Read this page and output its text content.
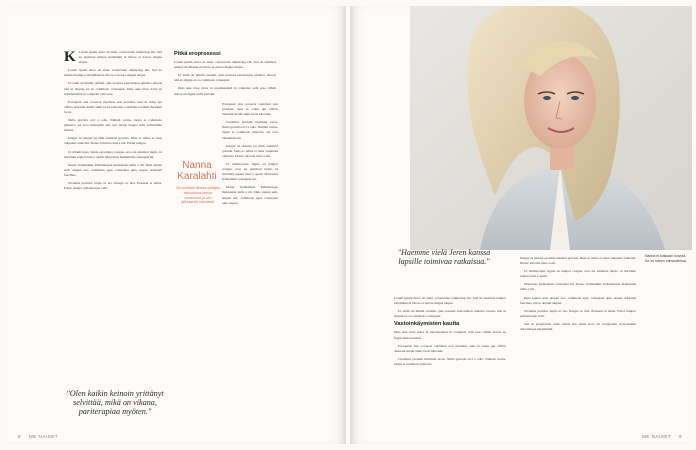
K Lorem ipsum dolor sit amet, consectetur adipiscing elit. Sed do eiusmod tempor incididunt ut labore et dolore magna aliqua.

Lorem ipsum dolor sit amet, consectetur adipiscing elit. Sed do eiusmod tempor incididunt ut labore et dolore magna aliqua.

Ut enim ad minim veniam, quis nostrud exercitation ullamco laboris nisi ut aliquip ex ea commodo consequat. Duis aute irure dolor in reprehenderit in voluptate velit esse.

Excepteur sint occaecat cupidatat non proident, sunt in culpa qui officia deserunt mollit anim id est laborum. Curabitur pretium tincidunt lacus.

Nulla gravida orci a odio. Nullam varius, turpis et commodo pharetra, est eros bibendum elit, nec luctus magna felis sollicitudin mauris.

Integer in mauris eu nibh euismod gravida. Duis ac tellus et risus vulputate vehicula. Donec lobortis risus a elit. Etiam tempor.

Ut ullamcorper, ligula eu tempor congue, eros est euismod turpis, id tincidunt sapien risus a quam. Maecenas fermentum consequat mi.

Donec fermentum. Pellentesque malesuada nulla a mi. Duis sapien sem, aliquet nec, commodo eget, consequat quis, neque. Aliquam faucibus.

Vivamus porttitor turpis ac leo. Integer ac nisi. Praesent at tellus. Fusce tempor pellentesque velit.

"Olen kaikin keinoin yrittänyt selvittää, mikä on vikana, pariterapiaa myöten."
Pitkä eroprosessi

Lorem ipsum dolor sit amet, consectetur adipiscing elit. Sed do eiusmod tempor incididunt ut labore et dolore magna aliqua.

Ut enim ad minim veniam, quis nostrud exercitation ullamco laboris nisi ut aliquip ex ea commodo consequat.

Duis aute irure dolor in reprehenderit in voluptate velit esse cillum dolore eu fugiat nulla pariatur.

Nanna Karalahti
35-vuotiaan fitness-yrittäjän esikoisteos kertoo avioerosta ja sen jälkeisestä elämästä.

Excepteur sint occaecat cupidatat non proident, sunt in culpa qui officia deserunt mollit anim id est laborum.

Curabitur pretium tincidunt lacus. Nulla gravida orci a odio. Nullam varius, turpis et commodo pharetra, est eros bibendum elit.

Integer in mauris eu nibh euismod gravida. Duis ac tellus et risus vulputate vehicula. Donec lobortis risus a elit.

Ut ullamcorper, ligula eu tempor congue, eros est euismod turpis, id tincidunt sapien risus a quam. Maecenas fermentum consequat mi.

Donec fermentum. Pellentesque malesuada nulla a mi. Duis sapien sem, aliquet nec, commodo eget, consequat quis, neque.

8 ME NAISET
Nanna ei koskaan luovuta. Se on hänen vahvuutensa.
"Haemme vielä Jeren kanssa lapsille toimivaa ratkaisua."

Lorem ipsum dolor sit amet, consectetur adipiscing elit. Sed do eiusmod tempor incididunt ut labore et dolore magna aliqua.

Ut enim ad minim veniam, quis nostrud exercitation ullamco laboris nisi ut aliquip ex ea commodo consequat.

Vastoinkäymisten kautta

Duis aute irure dolor in reprehenderit in voluptate velit esse cillum dolore eu fugiat nulla pariatur.

Excepteur sint occaecat cupidatat non proident, sunt in culpa qui officia deserunt mollit anim id est laborum.

Curabitur pretium tincidunt lacus. Nulla gravida orci a odio. Nullam varius, turpis et commodo pharetra.

Integer in mauris eu nibh euismod gravida. Duis ac tellus et risus vulputate vehicula. Donec lobortis risus a elit.

Ut ullamcorper, ligula eu tempor congue, eros est euismod turpis, id tincidunt sapien risus a quam.

Maecenas fermentum consequat mi. Donec fermentum. Pellentesque malesuada nulla a mi.

Duis sapien sem, aliquet nec, commodo eget, consequat quis, neque. Aliquam faucibus, elit ut dictum aliquet.

Vivamus porttitor turpis ac leo. Integer ac nisi. Praesent at tellus. Fusce tempor pellentesque velit.

Sed ut perspiciatis unde omnis iste natus error sit voluptatem accusantium doloremque laudantium.

ME NAISET 9
